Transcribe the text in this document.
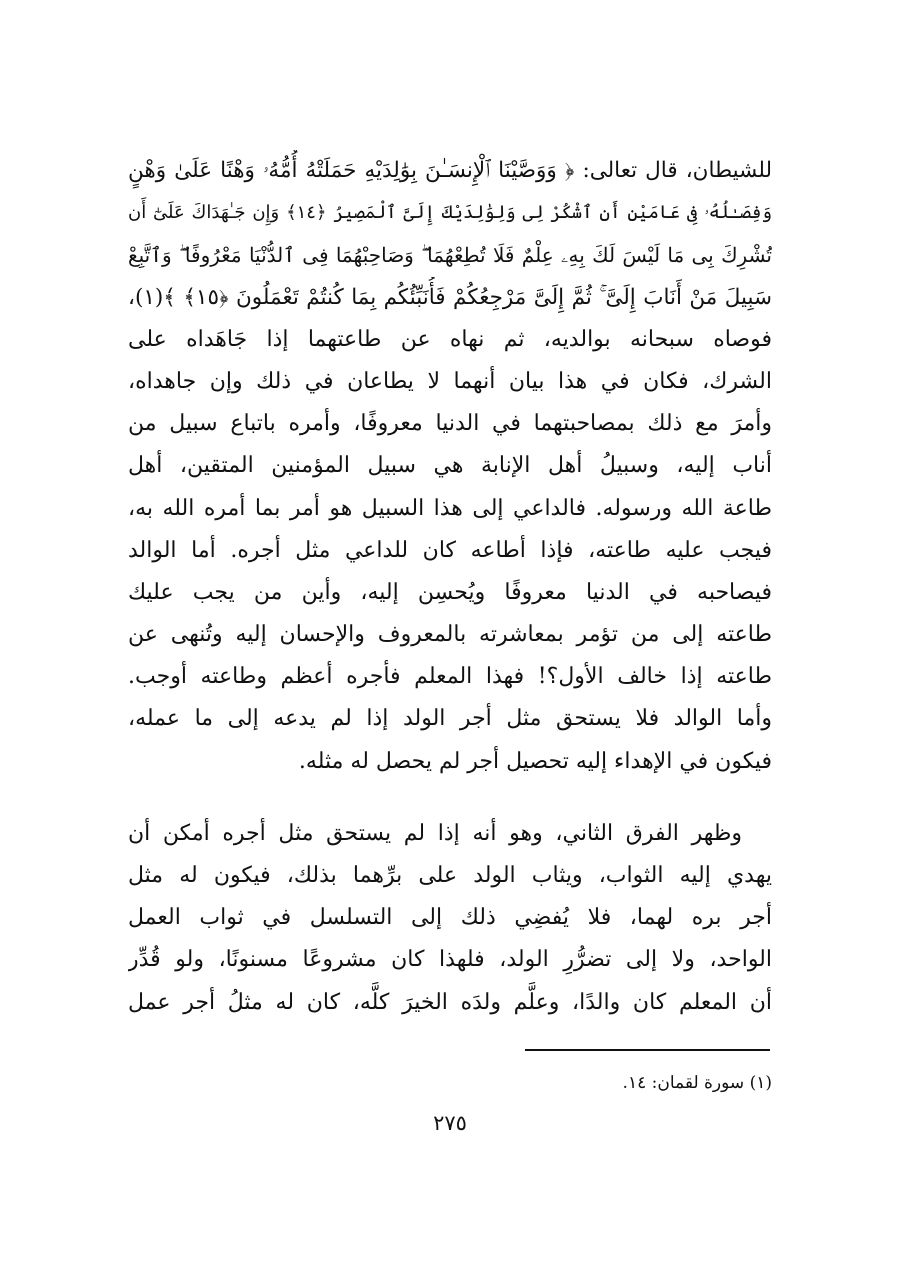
للشيطان، قال تعالى: ﴿ وَوَصَّيْنَا ٱلْإِنسَـٰنَ بِوَٰلِدَيْهِ حَمَلَتْهُ أُمُّهُۥ وَهْنًا عَلَىٰ وَهْنٍ
وَفِصَـٰلُهُۥ فِى عَامَيْنِ أَنِ ٱشْكُرْ لِى وَلِوَٰلِدَيْكَ إِلَىَّ ٱلْمَصِيرُ ﴿١٤﴾ وَإِن جَـٰهَدَاكَ عَلَىٰٓ أَن
تُشْرِكَ بِى مَا لَيْسَ لَكَ بِهِۦ عِلْمٌ فَلَا تُطِعْهُمَا ۖ وَصَاحِبْهُمَا فِى ٱلدُّنْيَا مَعْرُوفًا ۖ وَٱتَّبِعْ
سَبِيلَ مَنْ أَنَابَ إِلَىَّ ۚ ثُمَّ إِلَىَّ مَرْجِعُكُمْ فَأُنَبِّئُكُم بِمَا كُنتُمْ تَعْمَلُونَ ﴿١٥﴾ ﴾(١)،
فوصاه سبحانه بوالديه، ثم نهاه عن طاعتهما إذا جَاهَداه على
الشرك، فكان في هذا بيان أنهما لا يطاعان في ذلك وإن جاهداه،
وأمرَ مع ذلك بمصاحبتهما في الدنيا معروفًا، وأمره باتباع سبيل من
أناب إليه، وسبيلُ أهل الإنابة هي سبيل المؤمنين المتقين، أهل
طاعة الله ورسوله. فالداعي إلى هذا السبيل هو أمر بما أمره الله به،
فيجب عليه طاعته، فإذا أطاعه كان للداعي مثل أجره. أما الوالد
فيصاحبه في الدنيا معروفًا ويُحسِن إليه، وأين من يجب عليك
طاعته إلى من تؤمر بمعاشرته بالمعروف والإحسان إليه وتُنهى عن
طاعته إذا خالف الأول؟! فهذا المعلم فأجره أعظم وطاعته أوجب.
وأما الوالد فلا يستحق مثل أجر الولد إذا لم يدعه إلى ما عمله،
فيكون في الإهداء إليه تحصيل أجر لم يحصل له مثله.
وظهر الفرق الثاني، وهو أنه إذا لم يستحق مثل أجره أمكن أن
يهدي إليه الثواب، ويثاب الولد على برِّهما بذلك، فيكون له مثل
أجر بره لهما، فلا يُفضِي ذلك إلى التسلسل في ثواب العمل
الواحد، ولا إلى تضرُّرِ الولد، فلهذا كان مشروعًا مسنونًا، ولو قُدِّر
أن المعلم كان والدًا، وعلَّم ولدَه الخيرَ كلَّه، كان له مثلُ أجر عمل
(١) سورة لقمان: ١٤.
٢٧٥
